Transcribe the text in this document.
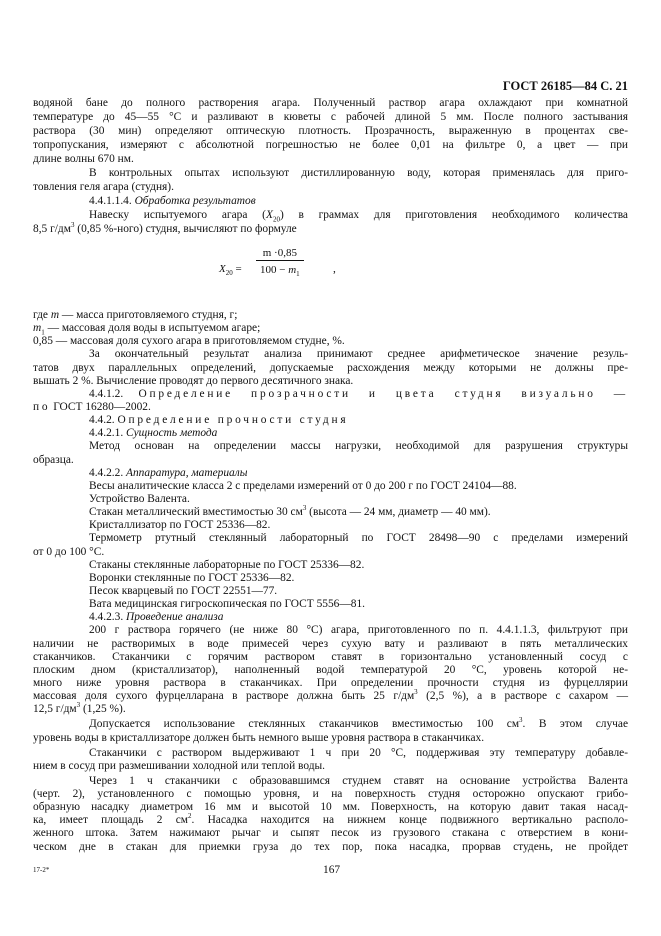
ГОСТ 26185—84 С. 21
водяной бане до полного растворения агара. Полученный раствор агара охлаждают при комнатной
температуре до 45—55 °С и разливают в кюветы с рабочей длиной 5 мм. После полного застывания
раствора (30 мин) определяют оптическую плотность. Прозрачность, выраженную в процентах све-
топропускания, измеряют с абсолютной погрешностью не более 0,01 на фильтре 0, а цвет — при
длине волны 670 нм.
В контрольных опытах используют дистиллированную воду, которая применялась для приго-
товления геля агара (студня).
4.4.1.1.4. Обработка результатов
Навеску испытуемого агара $(X_{20})$ в граммах для приготовления необходимого количества
8,5 $г/дм^3$ (0,85 %-ного) студня, вычисляют по формуле
$X_{20} = \frac{m \cdot 0,85}{100 - m_1}$	,
где m — масса приготовляемого студня, г;
$m_1$ — массовая доля воды в испытуемом агаре;
0,85 — массовая доля сухого агара в приготовляемом студне, %.
За окончательный результат анализа принимают среднее арифметическое значение резуль-
татов двух параллельных определений, допускаемые расхождения между которыми не должны пре-
вышать 2 %. Вычисление проводят до первого десятичного знака.
4.4.1.2. Определение прозрачности и цвета студня визуально —
по ГОСТ 16280—2002.
4.4.2. Определение прочности студня
4.4.2.1. Сущность метода
Метод основан на определении массы нагрузки, необходимой для разрушения структуры
образца.
4.4.2.2. Аппаратура, материалы
Весы аналитические класса 2 с пределами измерений от 0 до 200 г по ГОСТ 24104—88.
Устройство Валента.
Стакан металлический вместимостью 30 $см^3$ (высота — 24 мм, диаметр — 40 мм).
Кристаллизатор по ГОСТ 25336—82.
Термометр ртутный стеклянный лабораторный по ГОСТ 28498—90 с пределами измерений
от 0 до 100 °С.
Стаканы стеклянные лабораторные по ГОСТ 25336—82.
Воронки стеклянные по ГОСТ 25336—82.
Песок кварцевый по ГОСТ 22551—77.
Вата медицинская гигроскопическая по ГОСТ 5556—81.
4.4.2.3. Проведение анализа
200 г раствора горячего (не ниже 80 °С) агара, приготовленного по п. 4.4.1.1.3, фильтруют при
наличии не растворимых в воде примесей через сухую вату и разливают в пять металлических
стаканчиков. Стаканчики с горячим раствором ставят в горизонтально установленный сосуд с
плоским дном (кристаллизатор), наполненный водой температурой 20 °С, уровень которой не-
много ниже уровня раствора в стаканчиках. При определении прочности студня из фурцеллярии
массовая доля сухого фурцелларана в растворе должна быть 25 $г/дм^3$ (2,5 %), а в растворе с сахаром —
12,5 $г/дм^3$ (1,25 %).
Допускается использование стеклянных стаканчиков вместимостью 100 $см^3$. В этом случае
уровень воды в кристаллизаторе должен быть немного выше уровня раствора в стаканчиках.
Стаканчики с раствором выдерживают 1 ч при 20 °С, поддерживая эту температуру добавле-
нием в сосуд при размешивании холодной или теплой воды.
Через 1 ч стаканчики с образовавшимся студнем ставят на основание устройства Валента
(черт. 2), установленного с помощью уровня, и на поверхность студня осторожно опускают грибо-
образную насадку диаметром 16 мм и высотой 10 мм. Поверхность, на которую давит такая насад-
ка, имеет площадь 2 $см^2$. Насадка находится на нижнем конце подвижного вертикально располо-
женного штока. Затем нажимают рычаг и сыпят песок из грузового стакана с отверстием в кони-
ческом дне в стакан для приемки груза до тех пор, пока насадка, прорвав студень, не пройдет
17-2*	167
